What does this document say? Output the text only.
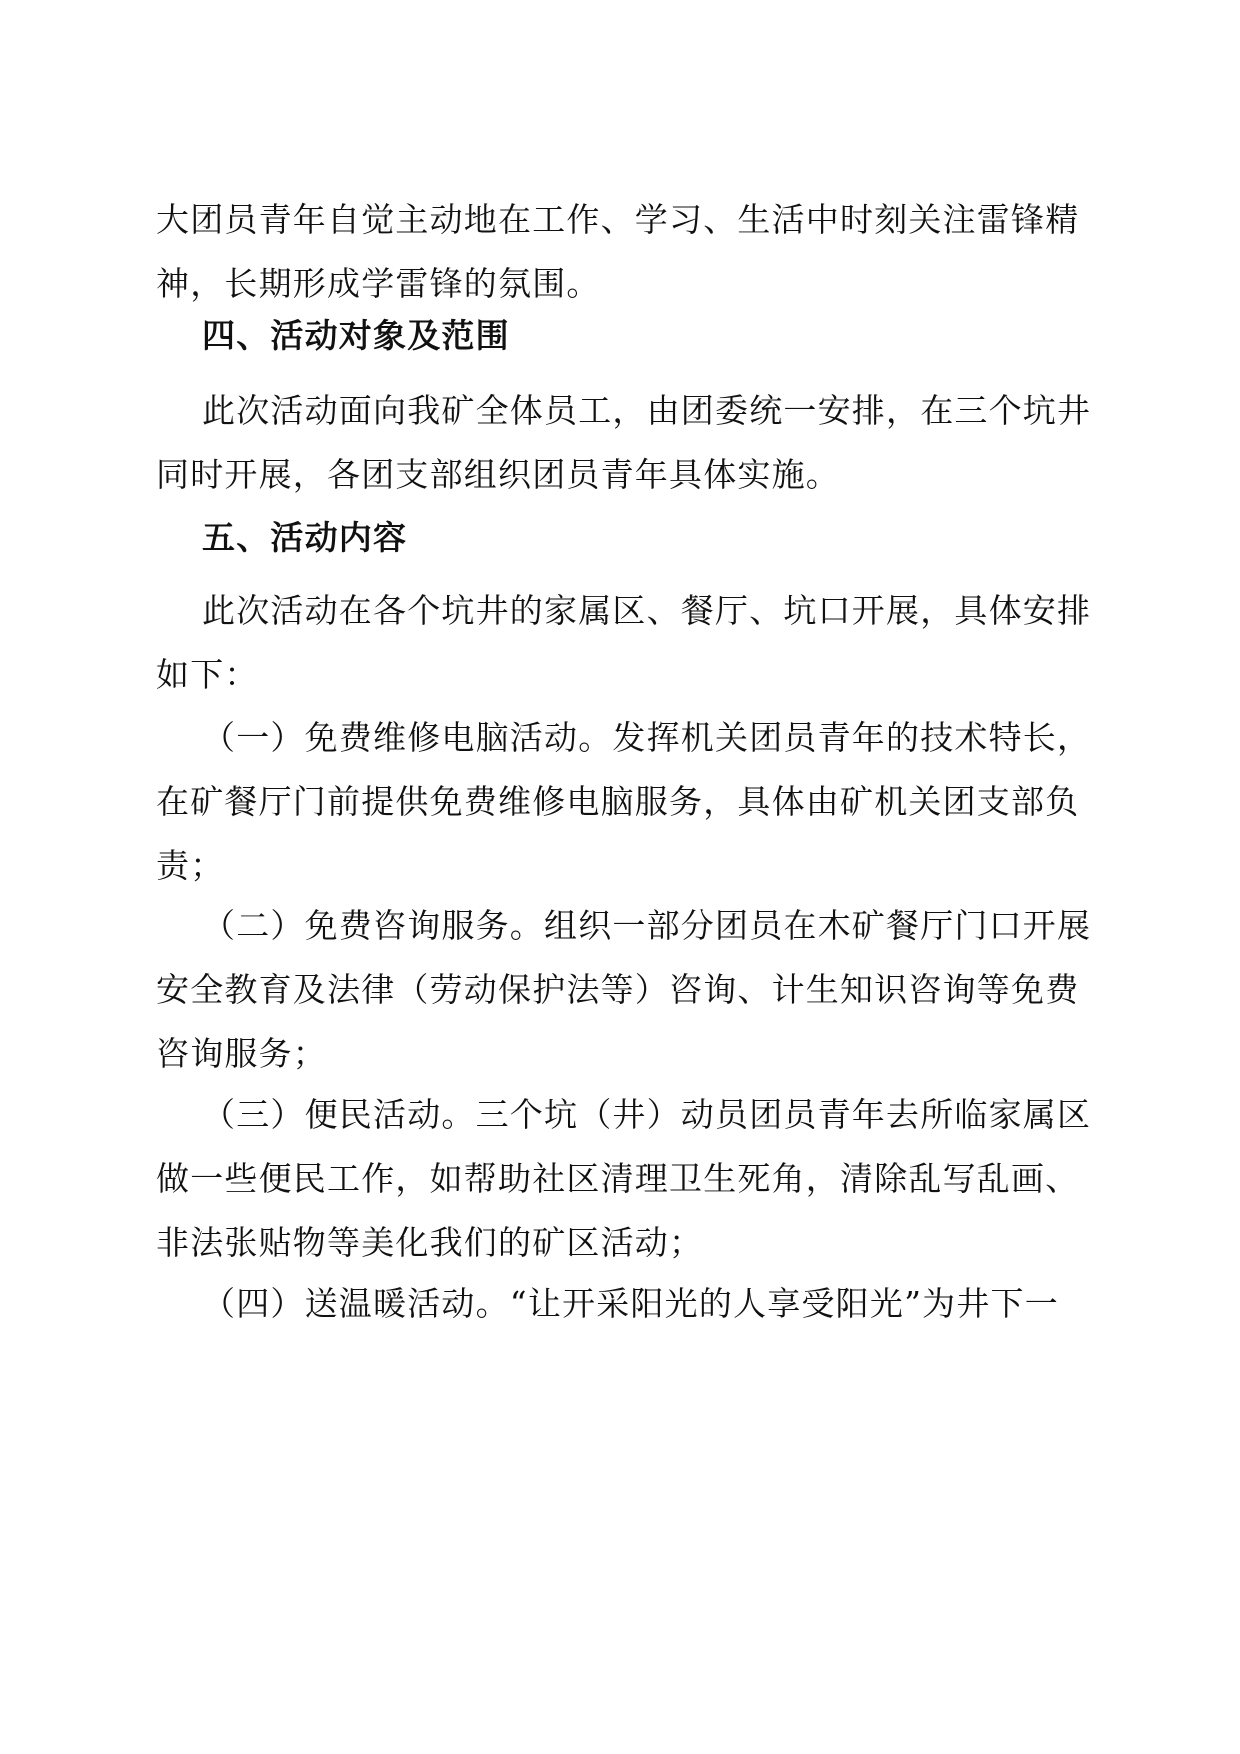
大团员青年自觉主动地在工作、学习、生活中时刻关注雷锋精
神，长期形成学雷锋的氛围。

四、活动对象及范围

此次活动面向我矿全体员工，由团委统一安排，在三个坑井
同时开展，各团支部组织团员青年具体实施。

五、活动内容

此次活动在各个坑井的家属区、餐厅、坑口开展，具体安排
如下：

（一）免费维修电脑活动。发挥机关团员青年的技术特长，
在矿餐厅门前提供免费维修电脑服务，具体由矿机关团支部负
责；

（二）免费咨询服务。组织一部分团员在木矿餐厅门口开展
安全教育及法律（劳动保护法等）咨询、计生知识咨询等免费
咨询服务；

（三）便民活动。三个坑（井）动员团员青年去所临家属区
做一些便民工作，如帮助社区清理卫生死角，清除乱写乱画、
非法张贴物等美化我们的矿区活动；

（四）送温暖活动。“让开采阳光的人享受阳光”为井下一
